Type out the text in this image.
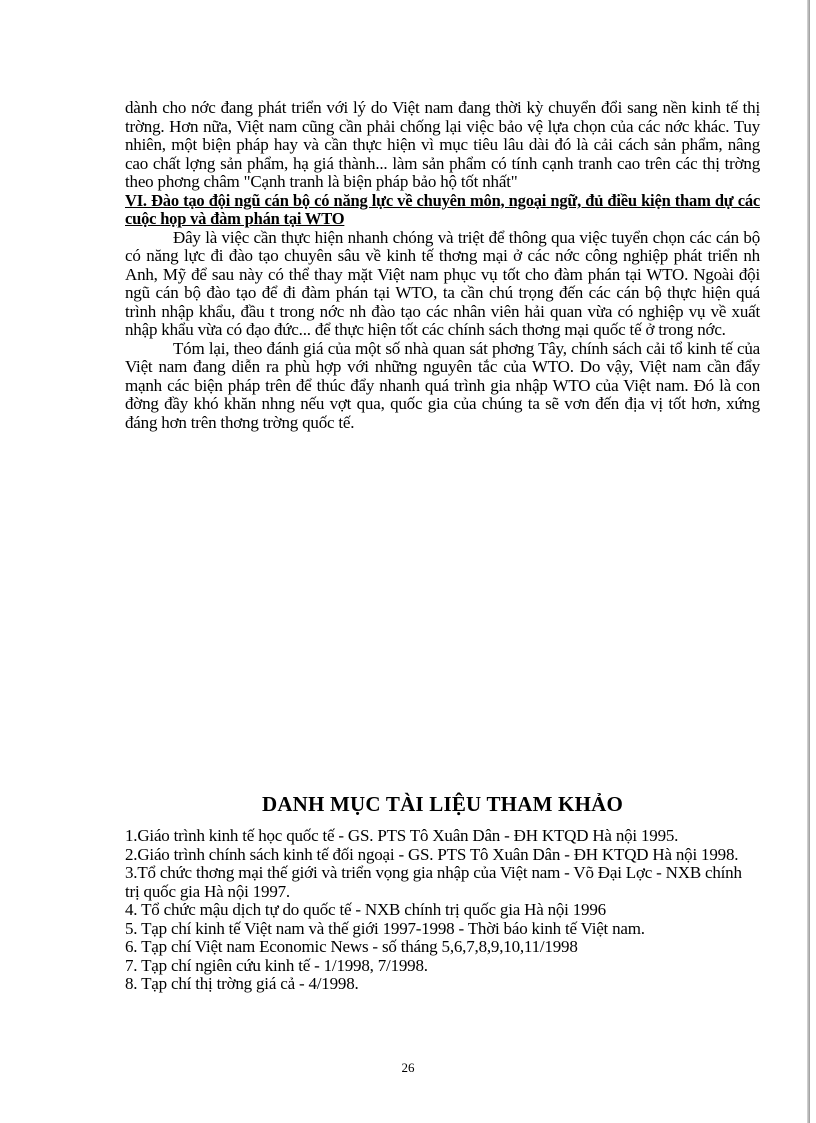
dành cho nớc đang phát triển với lý do Việt nam đang thời kỳ chuyển đổi sang nền kinh tế thị trờng. Hơn nữa, Việt nam cũng cần phải chống lại việc bảo vệ lựa chọn của các nớc khác. Tuy nhiên, một biện pháp hay và cần thực hiện vì mục tiêu lâu dài đó là cải cách sản phẩm, nâng cao chất lợng sản phẩm, hạ giá thành... làm sản phẩm có tính cạnh tranh cao trên các thị trờng theo phơng châm "Cạnh tranh là biện pháp bảo hộ tốt nhất"

VI. Đào tạo đội ngũ cán bộ có năng lực về chuyên môn, ngoại ngữ, đủ điều kiện tham dự các cuộc họp và đàm phán tại WTO

Đây là việc cần thực hiện nhanh chóng và triệt để thông qua việc tuyển chọn các cán bộ có năng lực đi đào tạo chuyên sâu về kinh tế thơng mại ở các nớc công nghiệp phát triển nh Anh, Mỹ để sau này có thể thay mặt Việt nam phục vụ tốt cho đàm phán tại WTO. Ngoài đội ngũ cán bộ đào tạo để đi đàm phán tại WTO, ta cần chú trọng đến các cán bộ thực hiện quá trình nhập khẩu, đầu t trong nớc nh đào tạo các nhân viên hải quan vừa có nghiệp vụ về xuất nhập khẩu vừa có đạo đức... để thực hiện tốt các chính sách thơng mại quốc tế ở trong nớc.

Tóm lại, theo đánh giá của một số nhà quan sát phơng Tây, chính sách cải tổ kinh tế của Việt nam đang diễn ra phù hợp với những nguyên tắc của WTO. Do vậy, Việt nam cần đẩy mạnh các biện pháp trên để thúc đẩy nhanh quá trình gia nhập WTO của Việt nam. Đó là con đờng đầy khó khăn nhng nếu vợt qua, quốc gia của chúng ta sẽ vơn đến địa vị tốt hơn, xứng đáng hơn trên thơng trờng quốc tế.

DANH MỤC TÀI LIỆU THAM KHẢO
1.Giáo trình kinh tế học quốc tế - GS. PTS Tô Xuân Dân - ĐH KTQD Hà nội 1995.
2.Giáo trình chính sách kinh tế đối ngoại - GS. PTS Tô Xuân Dân - ĐH KTQD Hà nội 1998.
3.Tổ chức thơng mại thế giới và triển vọng gia nhập của Việt nam - Võ Đại Lợc - NXB chính trị quốc gia Hà nội 1997.
4. Tổ chức mậu dịch tự do quốc tế - NXB chính trị quốc gia Hà nội 1996
5. Tạp chí kinh tế Việt nam và thế giới 1997-1998 - Thời báo kinh tế Việt nam.
6. Tạp chí Việt nam Economic News - số tháng 5,6,7,8,9,10,11/1998
7. Tạp chí ngiên cứu kinh tế - 1/1998, 7/1998.
8. Tạp chí thị trờng giá cả - 4/1998.
26
